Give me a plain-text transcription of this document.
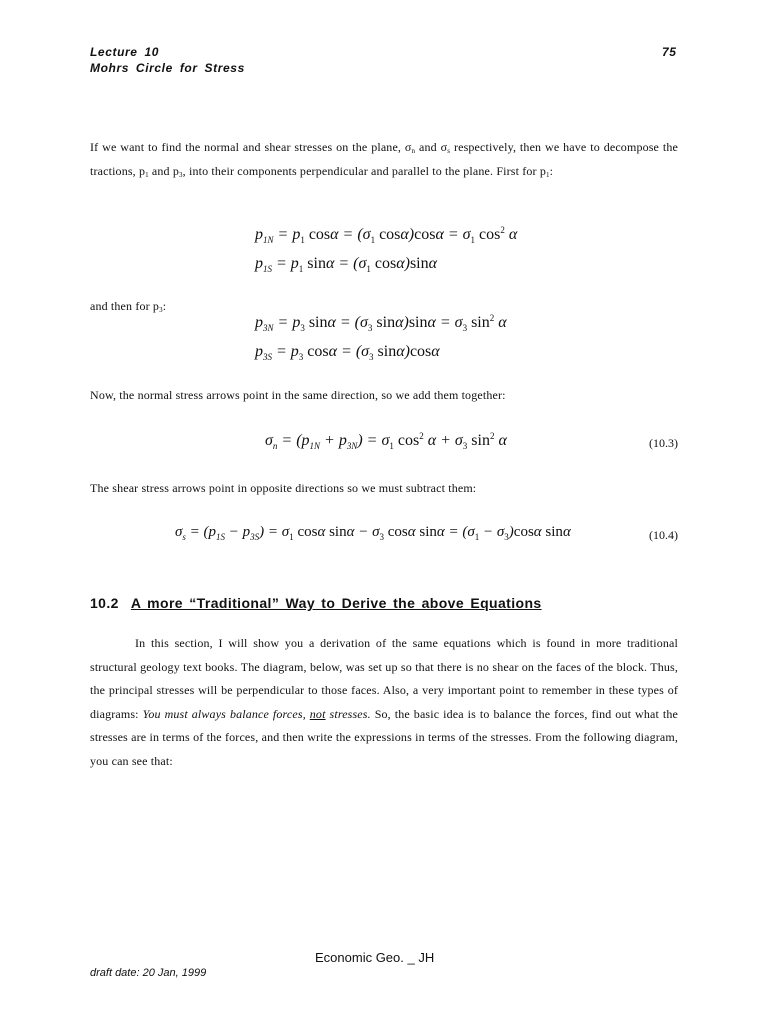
Lecture 10
Mohrs Circle for Stress
75
If we want to find the normal and shear stresses on the plane, $\sigma_n$ and $\sigma_s$ respectively, then we have to decompose the tractions, $p_1$ and $p_3$, into their components perpendicular and parallel to the plane. First for $p_1$:
$p_{1N} = p_1$ $\cos\alpha = (\sigma_1$ $\cos\alpha)\cos\alpha = \sigma_1$ $\cos^2 \alpha$
$p_{1S} = p_1$ $\sin\alpha = (\sigma_1$ cosα)sinα
and then for $p_3$:
$p_{3N} = p_3$ $\sin\alpha = (\sigma_3$ $\sin\alpha)\sin\alpha = \sigma_3$ $\sin^2 \alpha$
$p_{3S} = p_3$ $\cos\alpha = (\sigma_3$ sinα)cosα
Now, the normal stress arrows point in the same direction, so we add them together:
$\sigma_n = (p_{1N} + p_{3N}) = \sigma_1$ $\cos^2 \alpha + \sigma_3$ $\sin^2 \alpha$	(10.3)
The shear stress arrows point in opposite directions so we must subtract them:
$\sigma_s = (p_{1S} - p_{3S}) = \sigma_1$ cosα $\sin\alpha - \sigma_3$ cosα $\sin\alpha = (\sigma_1 - \sigma_3)\cos\alpha$ sinα	(10.4)
10.2 A more “Traditional” Way to Derive the above Equations
In this section, I will show you a derivation of the same equations which is found in more traditional structural geology text books. The diagram, below, was set up so that there is no shear on the faces of the block. Thus, the principal stresses will be perpendicular to those faces. Also, a very important point to remember in these types of diagrams: You must always balance forces, not stresses. So, the basic idea is to balance the forces, find out what the stresses are in terms of the forces, and then write the expressions in terms of the stresses. From the following diagram, you can see that:
Economic Geo. _ JH
draft date: 20 Jan, 1999
